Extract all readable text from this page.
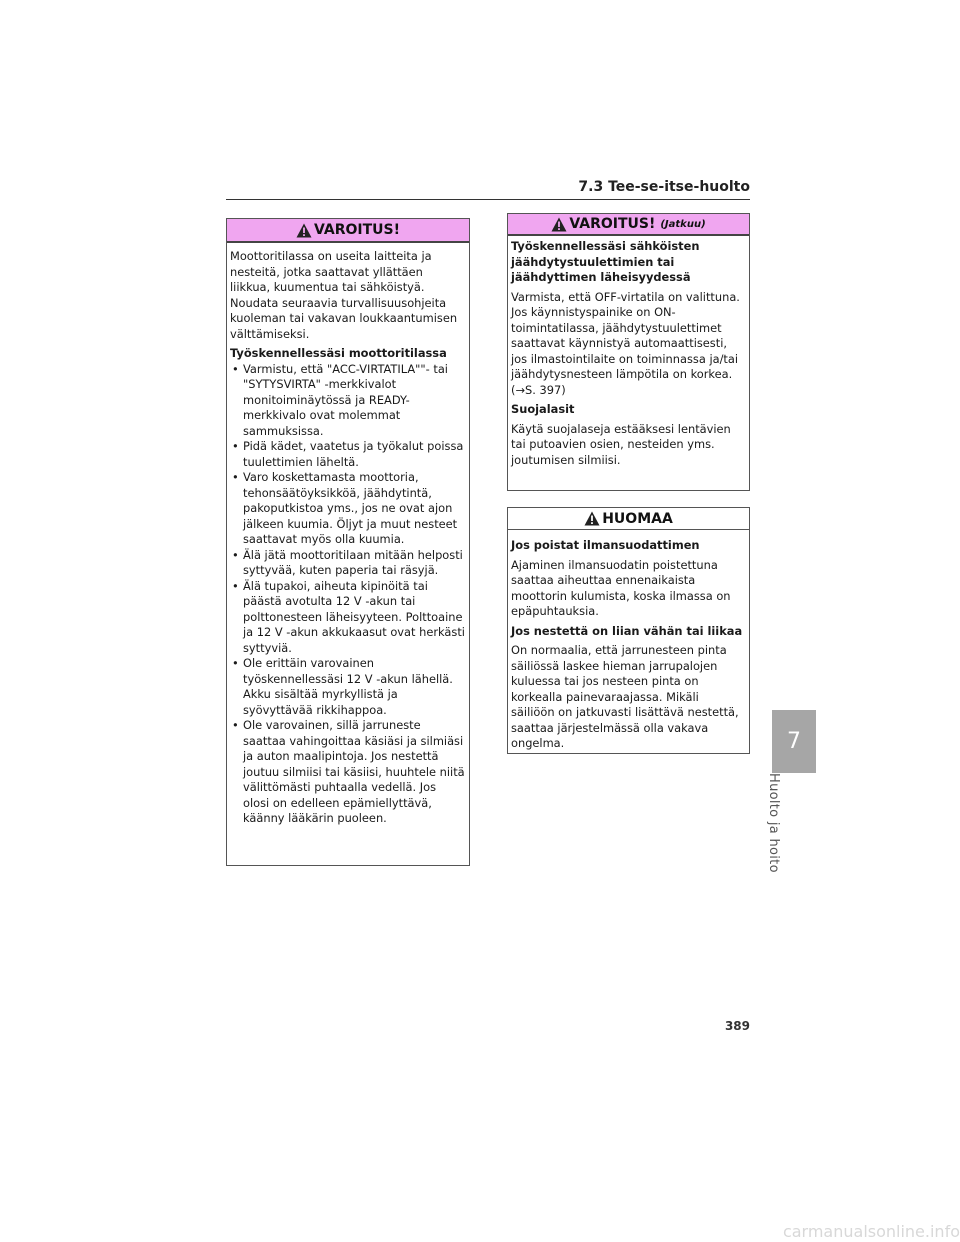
7.3 Tee-se-itse-huolto
VAROITUS!

Moottoritilassa on useita laitteita ja nesteitä, jotka saattavat yllättäen liikkua, kuumentua tai sähköistyä. Noudata seuraavia turvallisuusohjeita kuoleman tai vakavan loukkaantumisen välttämiseksi.

Työskennellessäsi moottoritilassa

• Varmistu, että "ACC-VIRTATILA""- tai "SYTYSVIRTA" -merkkivalot monitoiminäytössä ja READY-merkkivalo ovat molemmat sammuksissa.
• Pidä kädet, vaatetus ja työkalut poissa tuulettimien läheltä.
• Varo koskettamasta moottoria, tehonsäätöyksikköä, jäähdytintä, pakoputkistoa yms., jos ne ovat ajon jälkeen kuumia. Öljyt ja muut nesteet saattavat myös olla kuumia.
• Älä jätä moottoritilaan mitään helposti syttyvää, kuten paperia tai räsyjä.
• Älä tupakoi, aiheuta kipinöitä tai päästä avotulta 12 V -akun tai polttonesteen läheisyyteen. Polttoaine ja 12 V -akun akkukaasut ovat herkästi syttyviä.
• Ole erittäin varovainen työskennellessäsi 12 V -akun lähellä. Akku sisältää myrkyllistä ja syövyttävää rikkihappoa.
• Ole varovainen, sillä jarruneste saattaa vahingoittaa käsiäsi ja silmiäsi ja auton maalipintoja. Jos nestettä joutuu silmiisi tai käsiisi, huuhtele niitä välittömästi puhtaalla vedellä. Jos olosi on edelleen epämiellyttävä, käänny lääkärin puoleen.
VAROITUS! (Jatkuu)

Työskennellessäsi sähköisten jäähdytystuulettimien tai jäähdyttimen läheisyydessä

Varmista, että OFF-virtatila on valittuna. Jos käynnistyspainike on ON-toimintatilassa, jäähdytystuulettimet saattavat käynnistyä automaattisesti, jos ilmastointilaite on toiminnassa ja/tai jäähdytysnesteen lämpötila on korkea. (→S. 397)

Suojalasit

Käytä suojalaseja estääksesi lentävien tai putoavien osien, nesteiden yms. joutumisen silmiisi.

HUOMAA

Jos poistat ilmansuodattimen

Ajaminen ilmansuodatin poistettuna saattaa aiheuttaa ennenaikaista moottorin kulumista, koska ilmassa on epäpuhtauksia.

Jos nestettä on liian vähän tai liikaa

On normaalia, että jarrunesteen pinta säiliössä laskee hieman jarrupalojen kuluessa tai jos nesteen pinta on korkealla painevaraajassa. Mikäli säiliöön on jatkuvasti lisättävä nestettä, saattaa järjestelmässä olla vakava ongelma.	7
Huolto ja hoito
389
carmanualsonline.info
